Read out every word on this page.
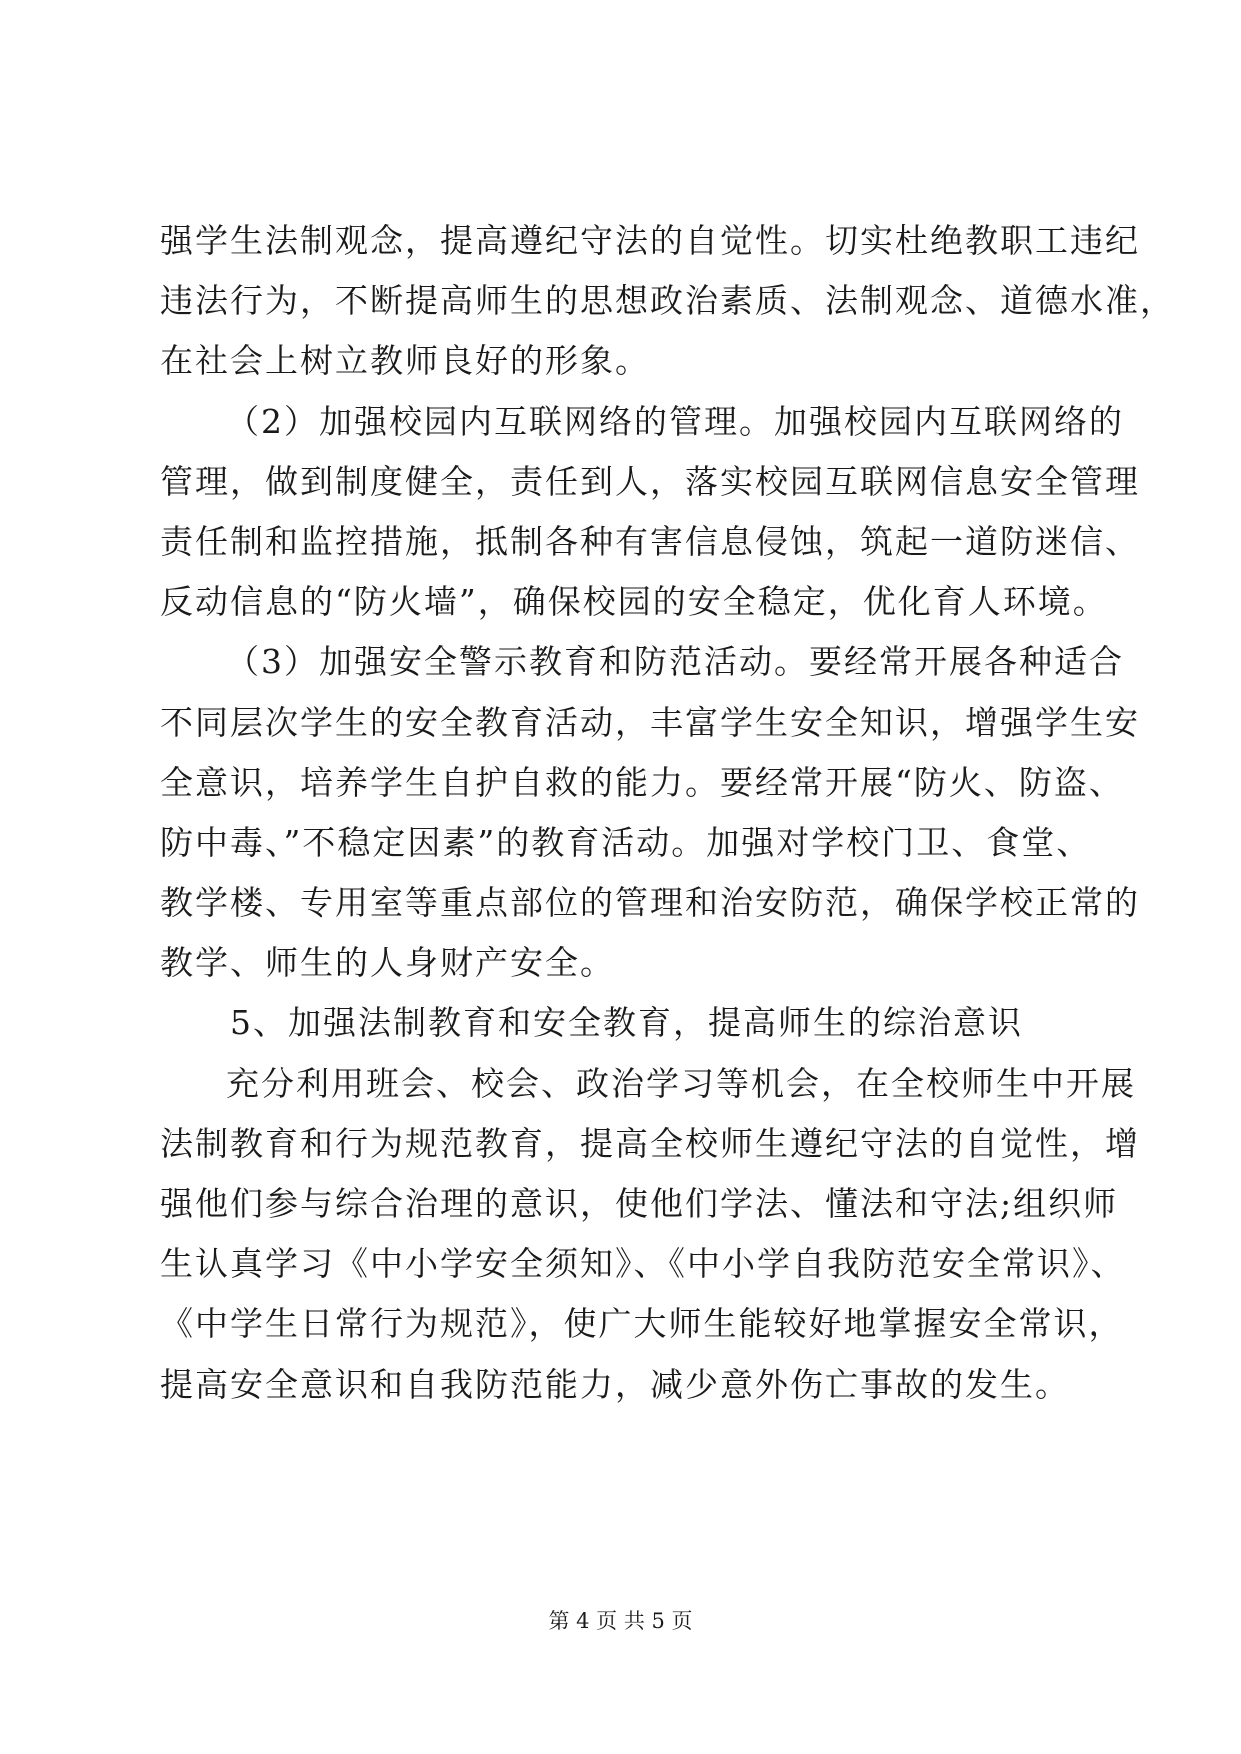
强学生法制观念，提高遵纪守法的自觉性。切实杜绝教职工违纪
违法行为，不断提高师生的思想政治素质、法制观念、道德水准，
在社会上树立教师良好的形象。
（2）加强校园内互联网络的管理。加强校园内互联网络的
管理，做到制度健全，责任到人，落实校园互联网信息安全管理
责任制和监控措施，抵制各种有害信息侵蚀，筑起一道防迷信、
反动信息的“防火墙”，确保校园的安全稳定，优化育人环境。
（3）加强安全警示教育和防范活动。要经常开展各种适合
不同层次学生的安全教育活动，丰富学生安全知识，增强学生安
全意识，培养学生自护自救的能力。要经常开展“防火、防盗、
防中毒、”不稳定因素”的教育活动。加强对学校门卫、食堂、
教学楼、专用室等重点部位的管理和治安防范，确保学校正常的
教学、师生的人身财产安全。
5、加强法制教育和安全教育，提高师生的综治意识
充分利用班会、校会、政治学习等机会，在全校师生中开展
法制教育和行为规范教育，提高全校师生遵纪守法的自觉性，增
强他们参与综合治理的意识，使他们学法、懂法和守法;组织师
生认真学习《中小学安全须知》、《中小学自我防范安全常识》、
《中学生日常行为规范》，使广大师生能较好地掌握安全常识，
提高安全意识和自我防范能力，减少意外伤亡事故的发生。
第 4 页 共 5 页
